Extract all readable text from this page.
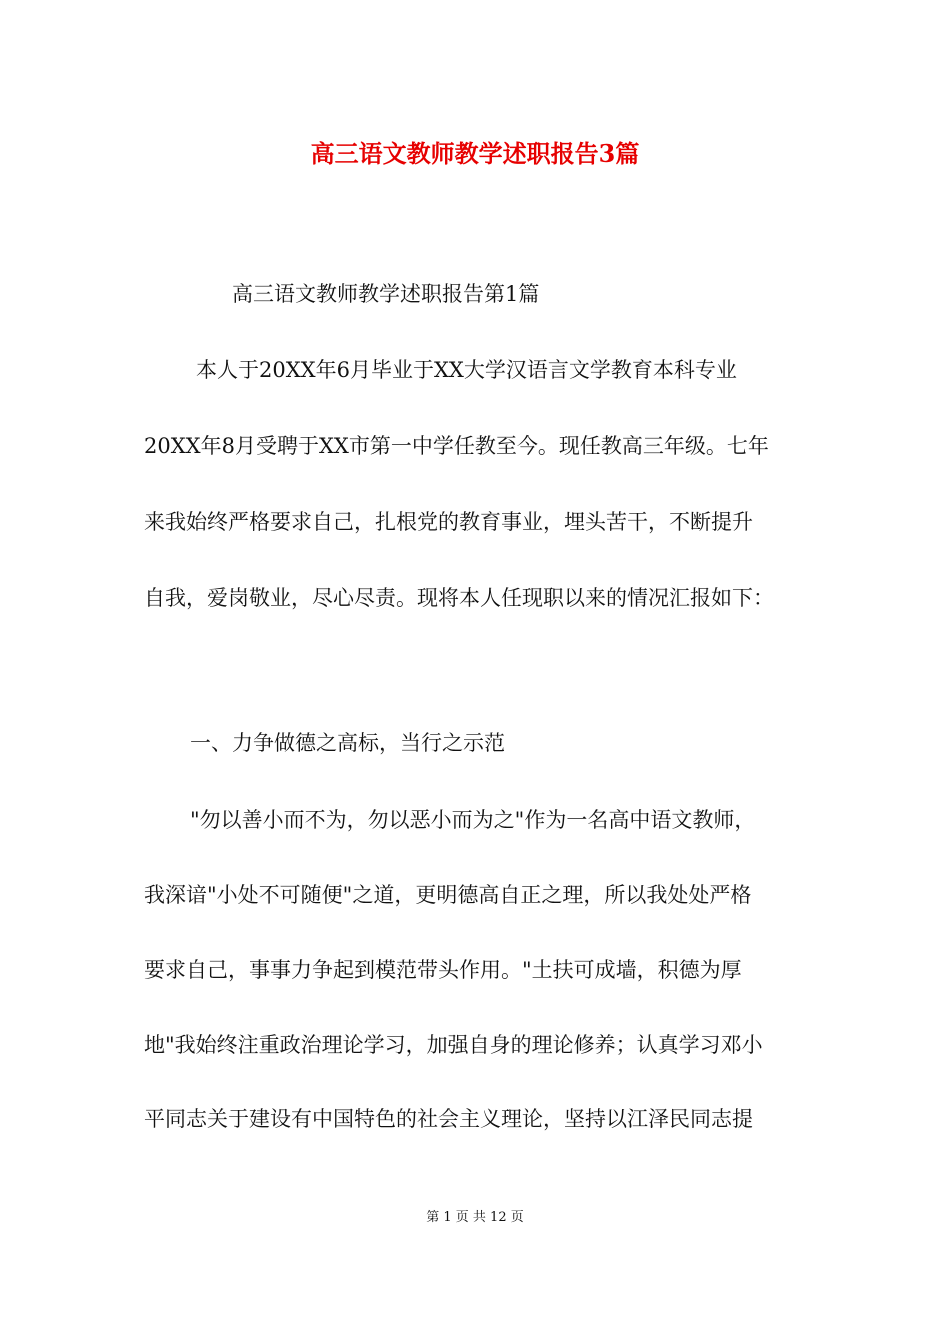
高三语文教师教学述职报告3篇

高三语文教师教学述职报告第1篇

本人于20XX年6月毕业于XX大学汉语言文学教育本科专业

20XX年8月受聘于XX市第一中学任教至今。现任教高三年级。七年

来我始终严格要求自己，扎根党的教育事业，埋头苦干，不断提升

自我，爱岗敬业，尽心尽责。现将本人任现职以来的情况汇报如下：

一、力争做德之高标，当行之示范

"勿以善小而不为，勿以恶小而为之"作为一名高中语文教师，

我深谙"小处不可随便"之道，更明德高自正之理，所以我处处严格

要求自己，事事力争起到模范带头作用。"土扶可成墙，积德为厚

地"我始终注重政治理论学习，加强自身的理论修养；认真学习邓小

平同志关于建设有中国特色的社会主义理论，坚持以江泽民同志提

第 1 页 共 12 页
